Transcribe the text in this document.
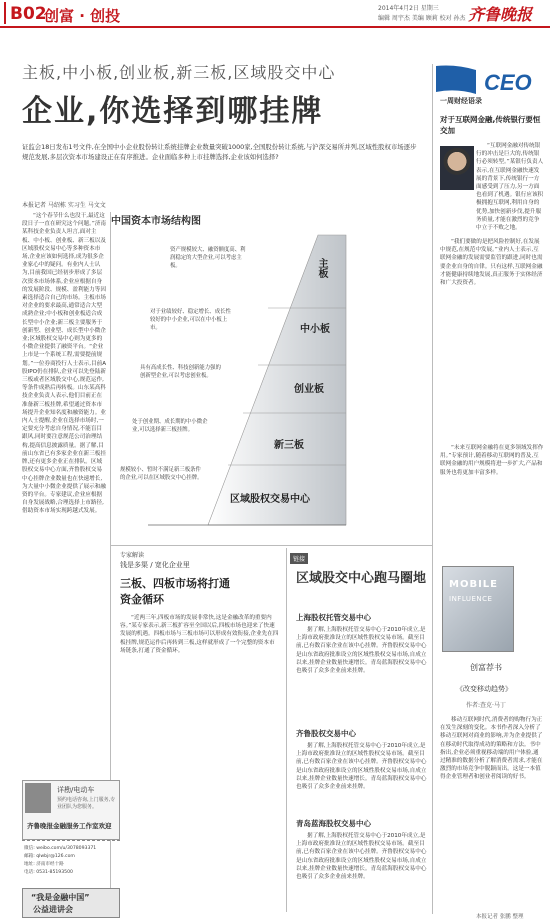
B02
创富 · 创投	2014年4月2日 星期三
编辑 周宇杰 美编 顾莉 校对 孙杰 齐鲁晚报
主板,中小板,创业板,新三板,区域股交中心
企业,你选择到哪挂牌
证监会18日发布1号文件,在全国中小企业股份转让系统挂牌企业数量突破1000家,全国股份转让系统,与沪深交易所并列,区域性股权市场逐步规范发展,多层次资本市场建设正在有序推进。企业面临多种上市挂牌选择,企业该如何选择?
本报记者 马绍栋 实习生 马文文
“这个春节什么也没干,最近这段日子一直在研究这个问题。”济南某科技企业负责人坦言,面对主板、中小板、创业板、新三板以及区域股权交易中心等多种资本市场,企业应该如何选择,成为很多企业家心中的疑问。有业内人士认为,目前我国已经初步形成了多层次资本市场体系,企业应根据自身的发展阶段、规模、盈利能力等因素选择适合自己的市场。主板市场对企业的要求最高,通常适合大型成熟企业;中小板和创业板适合成长型中小企业;新三板主要服务于创新型、创业型、成长型中小微企业;区域股权交易中心则为更多的小微企业提供了融资平台。“企业上市是一个系统工程,需要提前规划。”一位券商投行人士表示,目前A股IPO仍在排队,企业可以先登陆新三板或者区域股交中心,规范运作,等条件成熟后再转板。山东某高科技企业负责人表示,他们目前正在准备新三板挂牌,希望通过资本市场提升企业知名度和融资能力。业内人士提醒,企业在选择市场时,一定要充分考虑自身情况,不能盲目跟风,同时要注意规范公司治理结构,提高信息披露质量。据了解,目前山东省已有多家企业在新三板挂牌,还有更多企业正在排队。区域股权交易中心方面,齐鲁股权交易中心挂牌企业数量也在快速增长,为大量中小微企业提供了展示和融资的平台。专家建议,企业应根据自身发展战略,合理选择上市路径,借助资本市场实现跨越式发展。
中国资本市场结构图
主板
中小板
创业板
新三板
区域股权交易中心
资产规模较大、融资额度高、利润稳定的大型企业,可以考虑主板。
对于业绩较好、稳定增长、成长性较好的中小企业,可以在中小板上市。
具有高成长性、科技创新能力强的创新型企业,可以考虑创业板。
处于创业期、成长期的中小微企业,可以选择新三板挂牌。
规模较小、暂时不满足新三板条件的企业,可以在区域股交中心挂牌。
CEO
一周财经语录
对于互联网金融,传统银行要恒交加
“互联网金融对传统银行的冲击是巨大的,传统银行必须转型。”某银行负责人表示,在互联网金融快速发展的背景下,传统银行一方面感受到了压力,另一方面也看到了机遇。银行应该积极拥抱互联网,利用自身的优势,加快创新步伐,提升服务质量,才能在激烈的竞争中立于不败之地。
“我们要做的是把风险控制好,在发展中规范,在规范中发展。”业内人士表示,互联网金融的发展需要监管的跟进,同时也需要企业自身的自律。只有这样,互联网金融才能健康持续地发展,真正服务于实体经济和广大投资者。
“未来互联网金融将在更多领域发挥作用。”专家预计,随着移动互联网的普及,互联网金融的用户规模将进一步扩大,产品和服务也将更加丰富多样。
MOBILE
INFLUENCE
创富荐书
《改变移动趋势》
作者:查克·马丁
移动互联网时代,消费者的购物行为正在发生深刻的变化。本书作者深入分析了移动互联网对商业的影响,并为企业提供了在移动时代取得成功的策略和方法。书中指出,企业必须重视移动端的用户体验,通过精准的数据分析了解消费者需求,才能在激烈的市场竞争中脱颖而出。这是一本值得企业管理者和创业者阅读的好书。
专家解读
钱是多渠 / 宽化企业里
三板、四板市场将打通资金循环
“近两三年,四板市场的发展非常快,这是金融改革的重要内容。”某专家表示,新三板扩容至全国以后,四板市场也迎来了快速发展的机遇。四板市场与三板市场可以形成有效衔接,企业先在四板挂牌,规范运作后再转到三板,这样就形成了一个完整的资本市场链条,打通了资金循环。
链接
区域股交中心跑马圈地
上海股权托管交易中心
据了解,上海股权托管交易中心于2010年成立,是上海市政府批准设立的区域性股权交易市场。截至目前,已有数百家企业在该中心挂牌。齐鲁股权交易中心是山东省政府批准设立的区域性股权交易市场,自成立以来,挂牌企业数量快速增长。青岛蓝海股权交易中心也吸引了众多企业前来挂牌。
齐鲁股权交易中心
据了解,上海股权托管交易中心于2010年成立,是上海市政府批准设立的区域性股权交易市场。截至目前,已有数百家企业在该中心挂牌。齐鲁股权交易中心是山东省政府批准设立的区域性股权交易市场,自成立以来,挂牌企业数量快速增长。青岛蓝海股权交易中心也吸引了众多企业前来挂牌。
青岛蓝海股权交易中心
据了解,上海股权托管交易中心于2010年成立,是上海市政府批准设立的区域性股权交易市场。截至目前,已有数百家企业在该中心挂牌。齐鲁股权交易中心是山东省政府批准设立的区域性股权交易市场,自成立以来,挂牌企业数量快速增长。青岛蓝海股权交易中心也吸引了众多企业前来挂牌。
详勘/电动车
预约电话咨询,上门服务,专业团队为您服务。
齐鲁晚报金融服务工作室欢迎
微信: weibo.com/u/3078093371
邮箱: qlwbjr@126.com
地址: 济南市经十路
电话: 0531-85193500
“我是金融中国”
公益进讲会
本报记者 张鹏 整理
